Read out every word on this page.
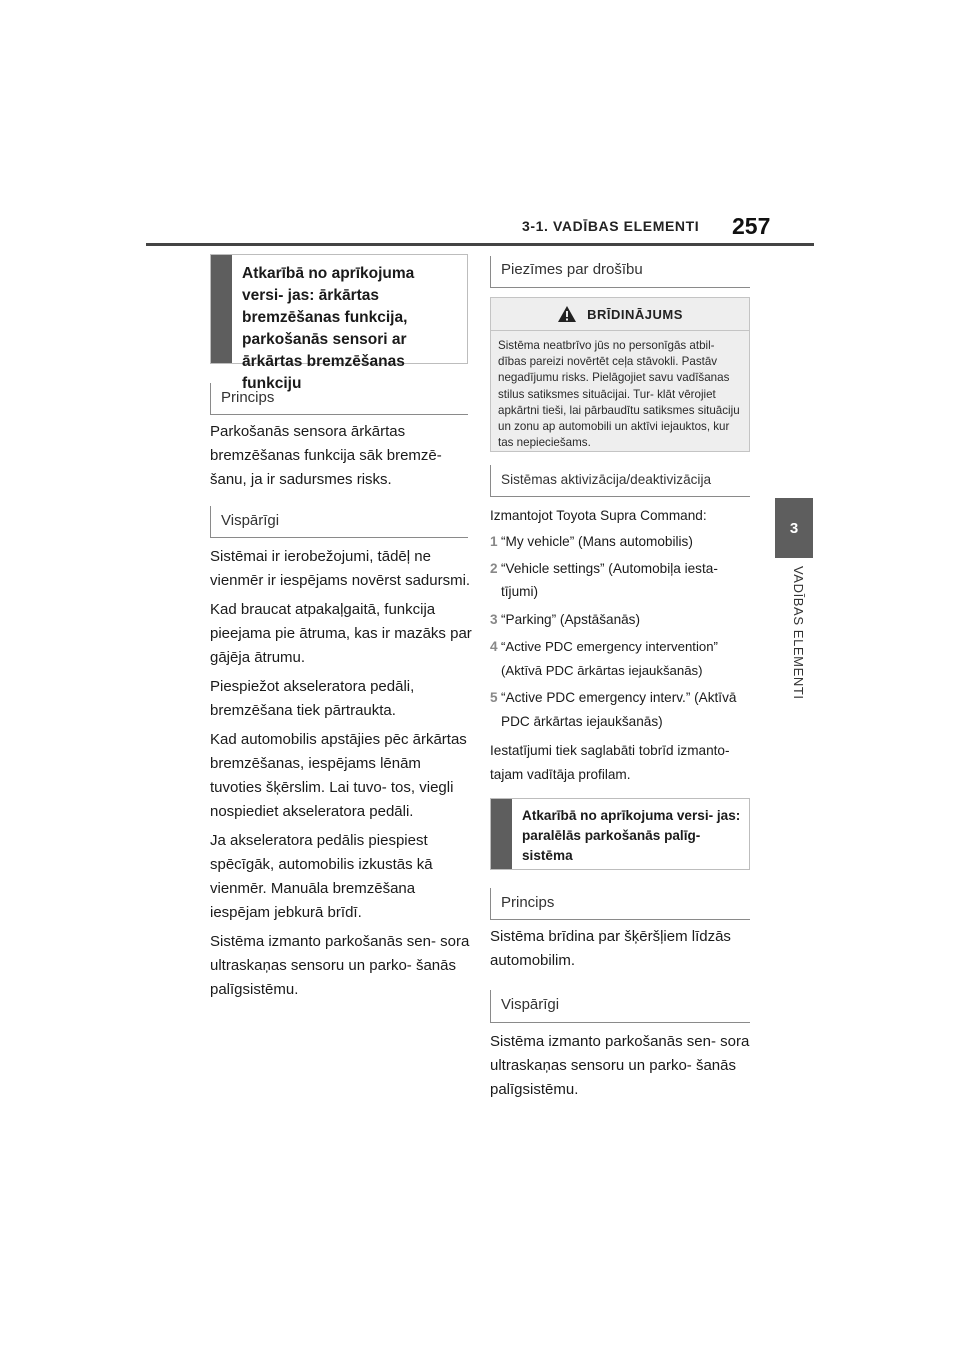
3-1. VADĪBAS ELEMENTI 257
3
VADĪBAS ELEMENTI
Atkarībā no aprīkojuma versi- jas: ārkārtas bremzēšanas funkcija, parkošanās sensori ar ārkārtas bremzēšanas funkciju
Princips

Parkošanās sensora ārkārtas bremzēšanas funkcija sāk bremzē- šanu, ja ir sadursmes risks.

Vispārīgi

Sistēmai ir ierobežojumi, tādēļ ne vienmēr ir iespējams novērst sadursmi.

Kad braucat atpakaļgaitā, funkcija pieejama pie ātruma, kas ir mazāks par gājēja ātrumu.

Piespiežot akseleratora pedāli, bremzēšana tiek pārtraukta.

Kad automobilis apstājies pēc ārkārtas bremzēšanas, iespējams lēnām tuvoties šķērslim. Lai tuvo- tos, viegli nospiediet akseleratora pedāli.

Ja akseleratora pedālis piespiest spēcīgāk, automobilis izkustās kā vienmēr. Manuāla bremzēšana iespējam jebkurā brīdī.

Sistēma izmanto parkošanās sen- sora ultraskaņas sensoru un parko- šanās palīgsistēmu.

Piezīmes par drošību
BRĪDINĀJUMS
Sistēma neatbrīvo jūs no personīgās atbil- dības pareizi novērtēt ceļa stāvokli. Pastāv negadījumu risks. Pielāgojiet savu vadīšanas stilus satiksmes situācijai. Tur- klāt vērojiet apkārtni tieši, lai pārbaudītu satiksmes situāciju un zonu ap automobili un aktīvi iejauktos, kur tas nepieciešams.
Sistēmas aktivizācija/deaktivizācija
Izmantojot Toyota Supra Command:
1 “My vehicle” (Mans automobilis)
2 “Vehicle settings” (Automobiļa iesta- tījumi)
3 “Parking” (Apstāšanās)
4 “Active PDC emergency intervention” (Aktīvā PDC ārkārtas iejaukšanās)
5 “Active PDC emergency interv.” (Aktīvā PDC ārkārtas iejaukšanās)
Iestatījumi tiek saglabāti tobrīd izmanto- tajam vadītāja profilam.
Atkarībā no aprīkojuma versi- jas: paralēlās parkošanās palīg- sistēma
Princips

Sistēma brīdina par šķēršļiem līdzās automobilim.

Vispārīgi

Sistēma izmanto parkošanās sen- sora ultraskaņas sensoru un parko- šanās palīgsistēmu.
